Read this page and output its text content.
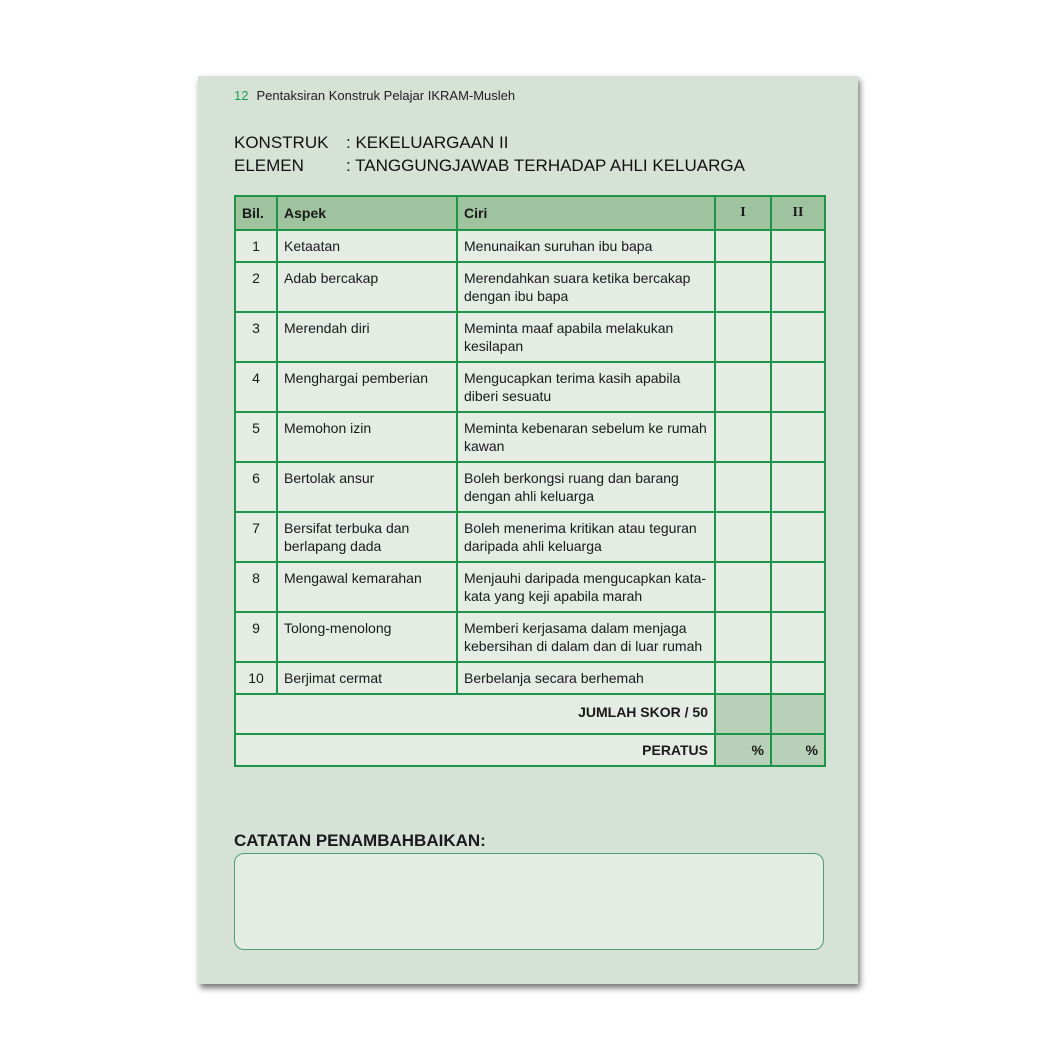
12 Pentaksiran Konstruk Pelajar IKRAM-Musleh
KONSTRUK	: KEKELUARGAAN II
ELEMEN	: TANGGUNGJAWAB TERHADAP AHLI KELUARGA
Bil.	Aspek	Ciri	I	II
1	Ketaatan	Menunaikan suruhan ibu bapa		
2	Adab bercakap	Merendahkan suara ketika bercakap dengan ibu bapa		
3	Merendah diri	Meminta maaf apabila melakukan kesilapan		
4	Menghargai pemberian	Mengucapkan terima kasih apabila diberi sesuatu		
5	Memohon izin	Meminta kebenaran sebelum ke rumah kawan		
6	Bertolak ansur	Boleh berkongsi ruang dan barang dengan ahli keluarga		
7	Bersifat terbuka dan berlapang dada	Boleh menerima kritikan atau teguran daripada ahli keluarga		
8	Mengawal kemarahan	Menjauhi daripada mengucapkan kata-kata yang keji apabila marah		
9	Tolong-menolong	Memberi kerjasama dalam menjaga kebersihan di dalam dan di luar rumah		
10	Berjimat cermat	Berbelanja secara berhemah		
JUMLAH SKOR / 50				
PERATUS			%	%
CATATAN PENAMBAHBAIKAN:
